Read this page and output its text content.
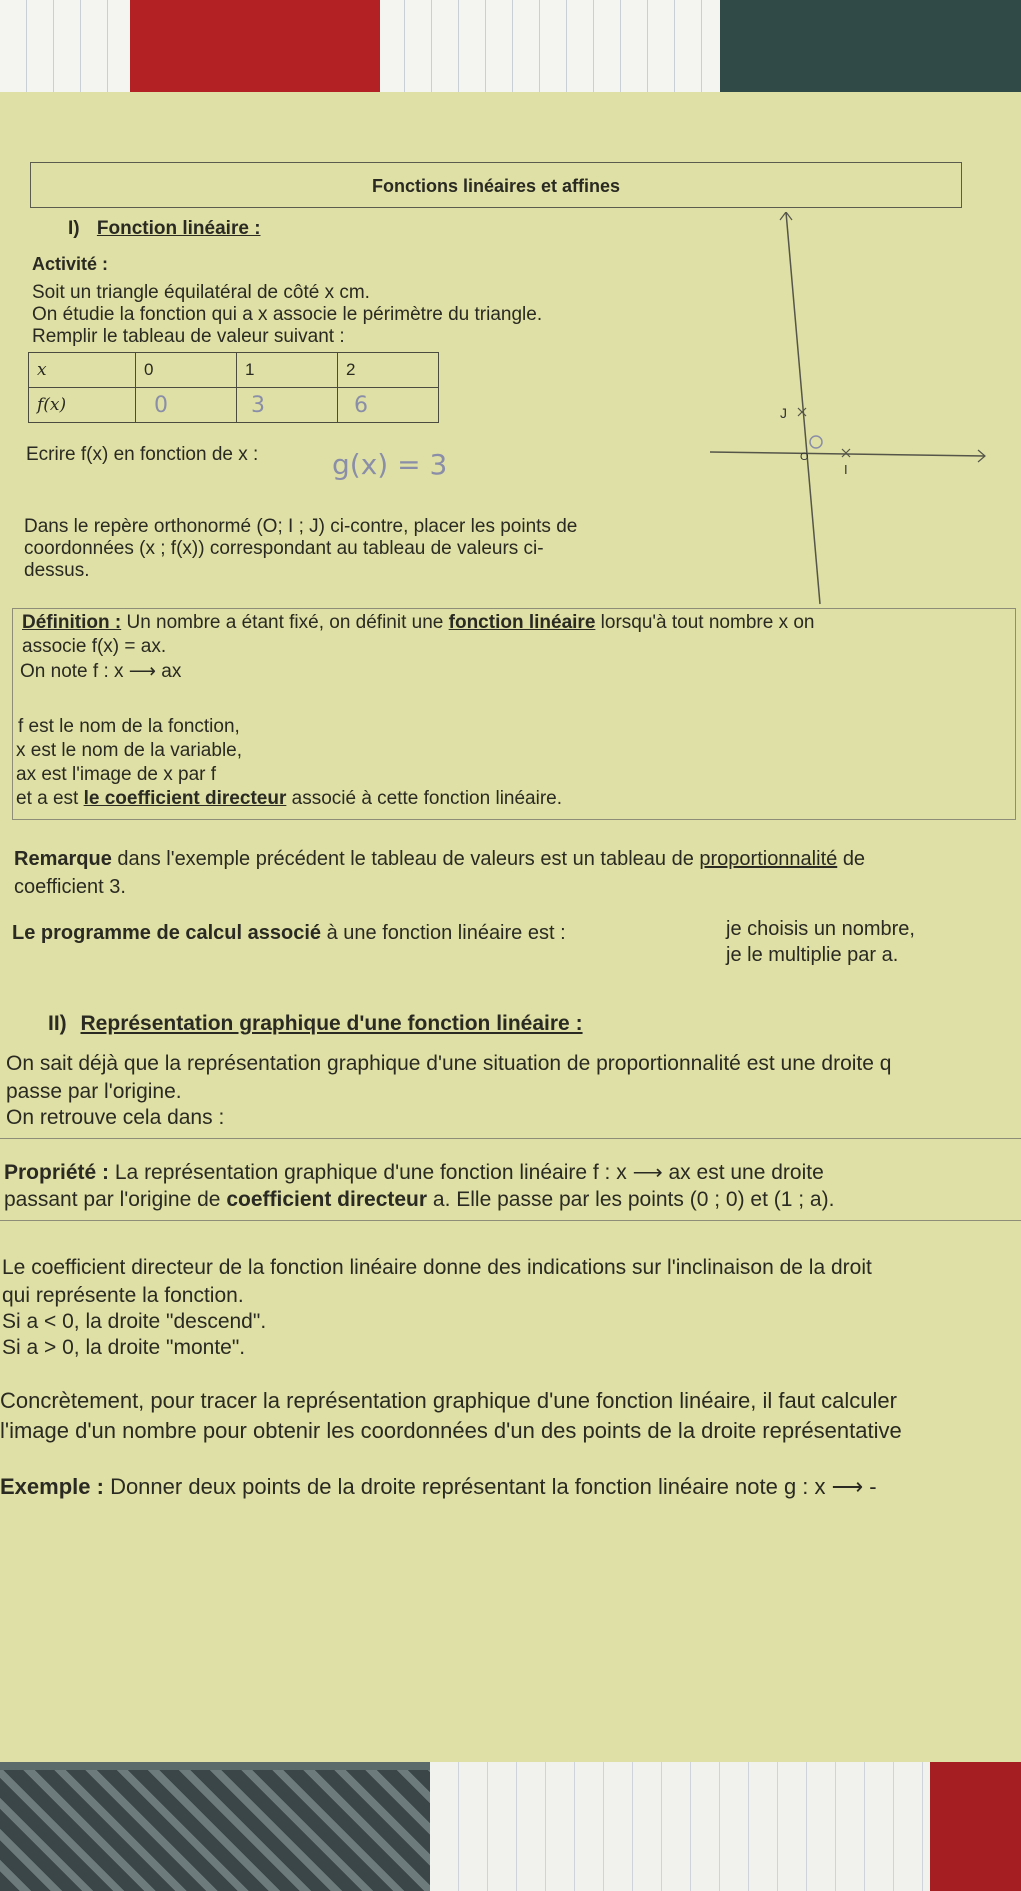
Fonctions linéaires et affines
I) Fonction linéaire :
Activité :
Soit un triangle équilatéral de côté x cm.
On étudie la fonction qui a x associe le périmètre du triangle.
Remplir le tableau de valeur suivant :
x	0	1	2
f(x)	0	3	6
Ecrire f(x) en fonction de x :	g(x) = 3
Dans le repère orthonormé (O; I ; J) ci-contre, placer les points de
coordonnées (x ; f(x)) correspondant au tableau de valeurs ci-
dessus.
J
O
I
Définition : Un nombre a étant fixé, on définit une fonction linéaire lorsqu'à tout nombre x on
associe f(x) = ax.
On note f : x ⟶ ax
f est le nom de la fonction,
x est le nom de la variable,
ax est l'image de x par f
et a est le coefficient directeur associé à cette fonction linéaire.
Remarque dans l'exemple précédent le tableau de valeurs est un tableau de proportionnalité de
coefficient 3.
Le programme de calcul associé à une fonction linéaire est :	je choisis un nombre,
je le multiplie par a.
II) Représentation graphique d'une fonction linéaire :
On sait déjà que la représentation graphique d'une situation de proportionnalité est une droite q
passe par l'origine.
On retrouve cela dans :
Propriété : La représentation graphique d'une fonction linéaire f : x ⟶ ax est une droite
passant par l'origine de coefficient directeur a. Elle passe par les points (0 ; 0) et (1 ; a).
Le coefficient directeur de la fonction linéaire donne des indications sur l'inclinaison de la droit
qui représente la fonction.
Si a < 0, la droite "descend".
Si a > 0, la droite "monte".
Concrètement, pour tracer la représentation graphique d'une fonction linéaire, il faut calculer
l'image d'un nombre pour obtenir les coordonnées d'un des points de la droite représentative
Exemple : Donner deux points de la droite représentant la fonction linéaire note g : x ⟶ -
